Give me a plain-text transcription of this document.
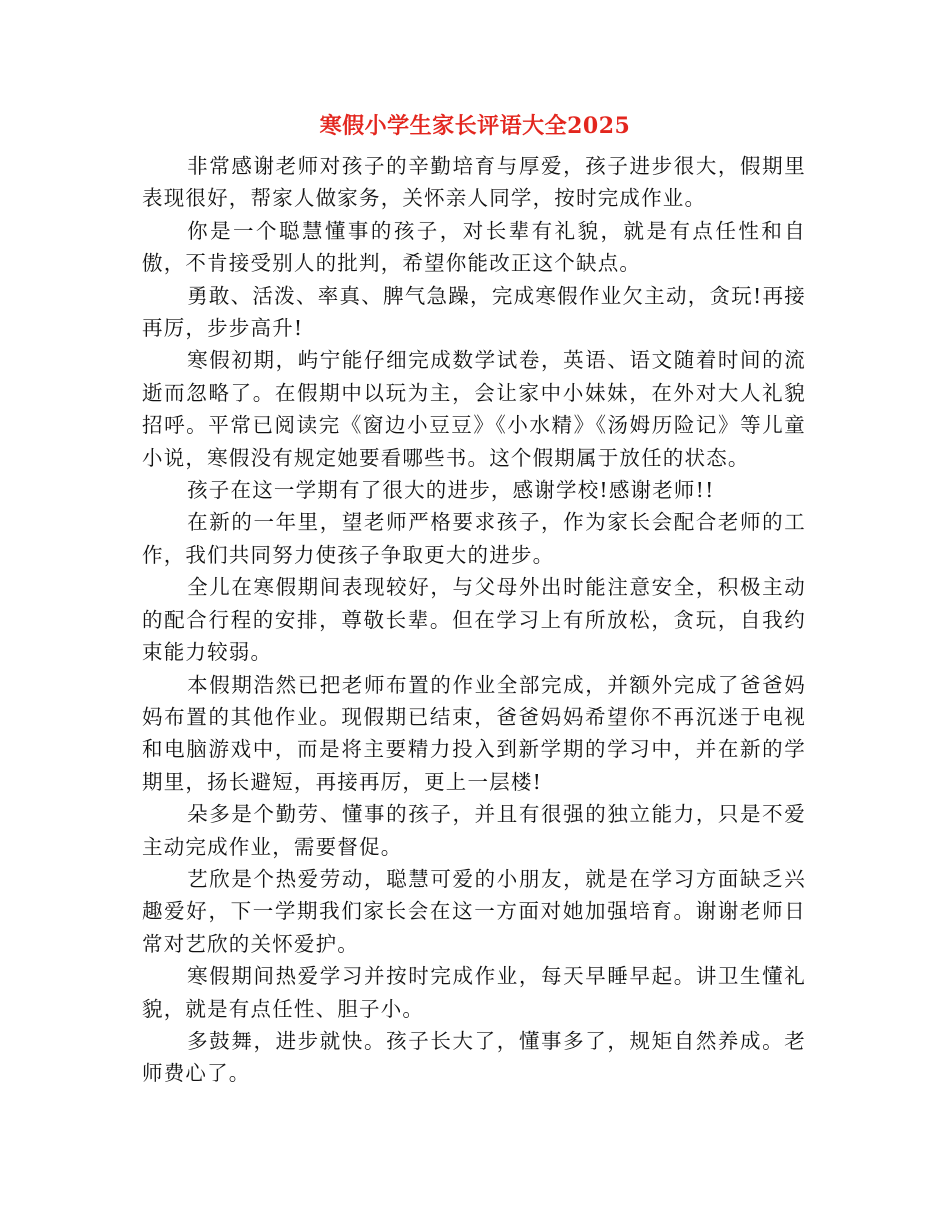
寒假小学生家长评语大全2025

非常感谢老师对孩子的辛勤培育与厚爱，孩子进步很大，假期里表现很好，帮家人做家务，关怀亲人同学，按时完成作业。

你是一个聪慧懂事的孩子，对长辈有礼貌，就是有点任性和自傲，不肯接受别人的批判，希望你能改正这个缺点。

勇敢、活泼、率真、脾气急躁，完成寒假作业欠主动，贪玩!再接再厉，步步高升!

寒假初期，屿宁能仔细完成数学试卷，英语、语文随着时间的流逝而忽略了。在假期中以玩为主，会让家中小妹妹，在外对大人礼貌招呼。平常已阅读完《窗边小豆豆》《小水精》《汤姆历险记》等儿童小说，寒假没有规定她要看哪些书。这个假期属于放任的状态。

孩子在这一学期有了很大的进步，感谢学校!感谢老师!!

在新的一年里，望老师严格要求孩子，作为家长会配合老师的工作，我们共同努力使孩子争取更大的进步。

全儿在寒假期间表现较好，与父母外出时能注意安全，积极主动的配合行程的安排，尊敬长辈。但在学习上有所放松，贪玩，自我约束能力较弱。

本假期浩然已把老师布置的作业全部完成，并额外完成了爸爸妈妈布置的其他作业。现假期已结束，爸爸妈妈希望你不再沉迷于电视和电脑游戏中，而是将主要精力投入到新学期的学习中，并在新的学期里，扬长避短，再接再厉，更上一层楼!

朵多是个勤劳、懂事的孩子，并且有很强的独立能力，只是不爱主动完成作业，需要督促。

艺欣是个热爱劳动，聪慧可爱的小朋友，就是在学习方面缺乏兴趣爱好，下一学期我们家长会在这一方面对她加强培育。谢谢老师日常对艺欣的关怀爱护。

寒假期间热爱学习并按时完成作业，每天早睡早起。讲卫生懂礼貌，就是有点任性、胆子小。

多鼓舞，进步就快。孩子长大了，懂事多了，规矩自然养成。老师费心了。
